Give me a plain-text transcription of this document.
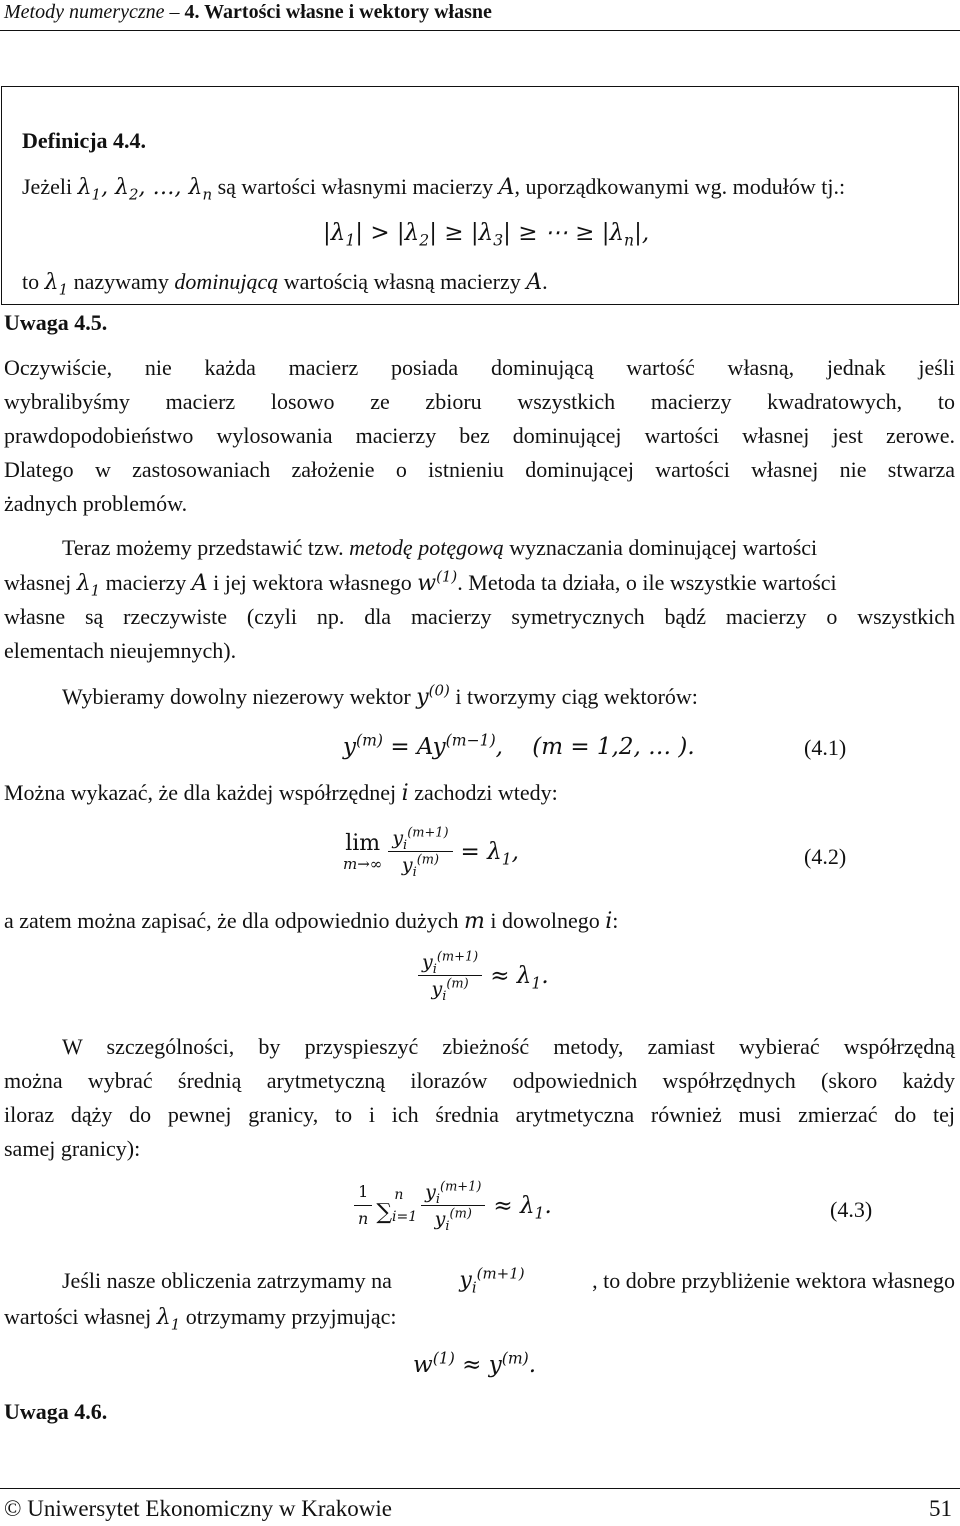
Metody numeryczne – 4. Wartości własne i wektory własne
Definicja 4.4.
Jeżeli $\lambda_1$, $\lambda_2$, …, $\lambda_n$ są wartości własnymi macierzy A, uporządkowanymi wg. modułów tj.:
$|\lambda_1| > |\lambda_2| \ge |\lambda_3|$ ≥ ⋯ ≥ $|\lambda_n|$,
to $\lambda_1$ nazywamy dominującą wartością własną macierzy A.
Uwaga 4.5.
Oczywiście, nie każda macierz posiada dominującą wartość własną, jednak jeśli
wybralibyśmy macierz losowo ze zbioru wszystkich macierzy kwadratowych, to
prawdopodobieństwo wylosowania macierzy bez dominującej wartości własnej jest zerowe.
Dlatego w zastosowaniach założenie o istnieniu dominującej wartości własnej nie stwarza
żadnych problemów.
Teraz możemy przedstawić tzw. metodę potęgową wyznaczania dominującej wartości
własnej $\lambda_1$ macierzy A i jej wektora własnego $w^{(1)}$. Metoda ta działa, o ile wszystkie wartości
własne są rzeczywiste (czyli np. dla macierzy symetrycznych bądź macierzy o wszystkich
elementach nieujemnych).
Wybieramy dowolny niezerowy wektor $y^{(0)}$ i tworzymy ciąg wektorów:
$y^{(m)} = Ay^{(m-1)}$, (m = 1,2, … ).	(4.1)
Można wykazać, że dla każdej współrzędnej i zachodzi wtedy:
lim
$m\to\infty \frac{y_i^{(m+1)}}{y_i^{(m)}} = \lambda_1$,	(4.2)
a zatem można zapisać, że dla odpowiednio dużych m i dowolnego i:
$\frac{y_i^{(m+1)}}{y_i^{(m)}} \approx \lambda_1$.
W szczególności, by przyspieszyć zbieżność metody, zamiast wybierać współrzędną
można wybrać średnią arytmetyczną ilorazów odpowiednich współrzędnych (skoro każdy
iloraz dąży do pewnej granicy, to i ich średnia arytmetyczna również musi zmierzać do tej
samej granicy):
$\frac{1}{n}$ n
∑ $i=1 \frac{y_i^{(m+1)}}{y_i^{(m)}} \approx \lambda_1$.	(4.3)
Jeśli nasze obliczenia zatrzymamy na	$y_i^{(m+1)}$	, to dobre przybliżenie wektora własnego
wartości własnej $\lambda_1$ otrzymamy przyjmując:
$w^{(1)} \approx y^{(m)}$.
Uwaga 4.6.
© Uniwersytet Ekonomiczny w Krakowie	51
